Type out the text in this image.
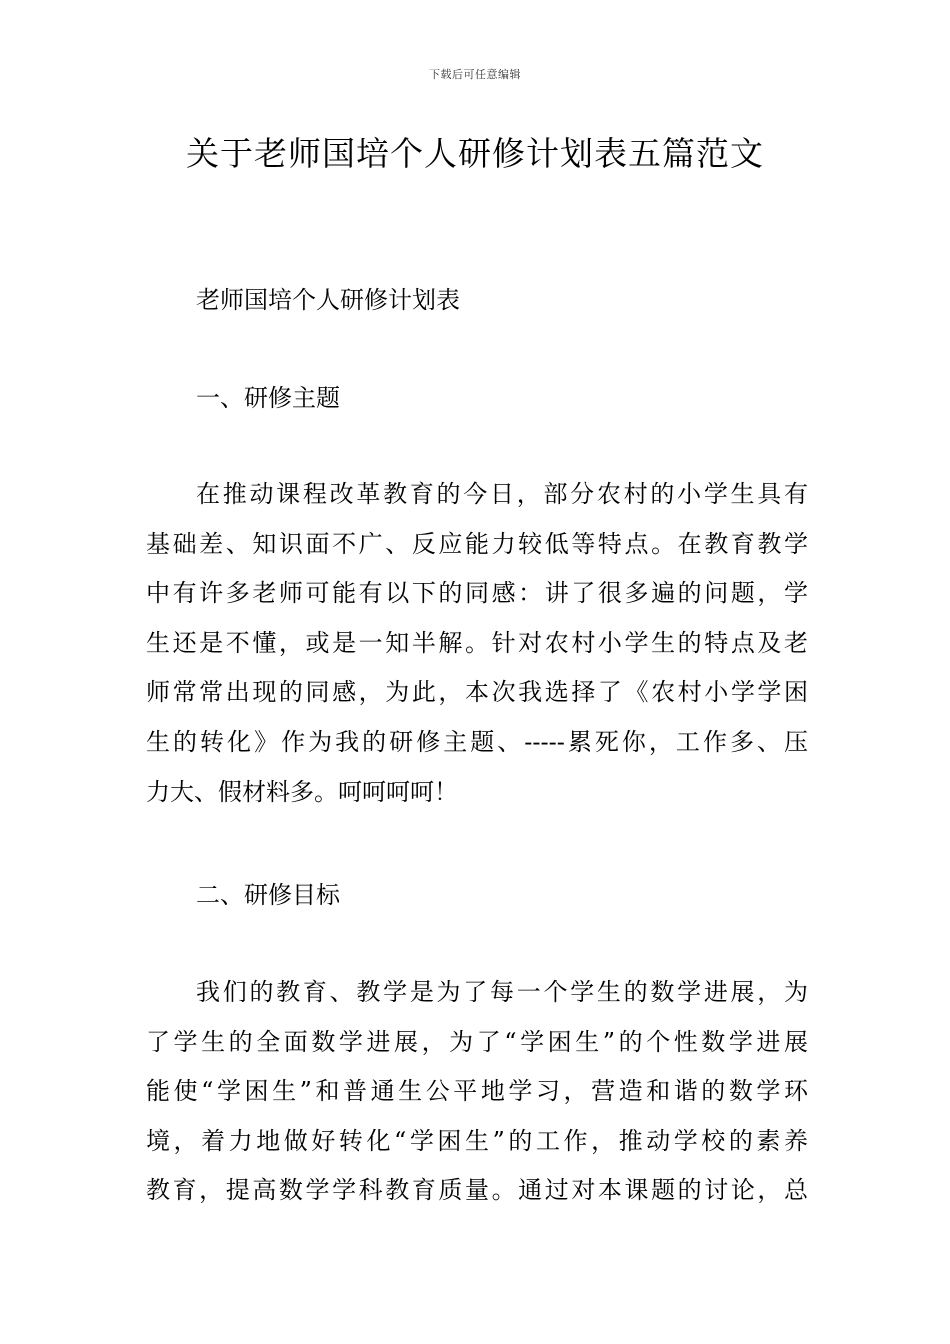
下载后可任意编辑
关于老师国培个人研修计划表五篇范文
老师国培个人研修计划表
一、研修主题
在推动课程改革教育的今日，部分农村的小学生具有
基础差、知识面不广、反应能力较低等特点。在教育教学
中有许多老师可能有以下的同感：讲了很多遍的问题，学
生还是不懂，或是一知半解。针对农村小学生的特点及老
师常常出现的同感，为此，本次我选择了《农村小学学困
生的转化》作为我的研修主题、-----累死你，工作多、压
力大、假材料多。呵呵呵呵！
二、研修目标
我们的教育、教学是为了每一个学生的数学进展，为
了学生的全面数学进展，为了“学困生”的个性数学进展
能使“学困生”和普通生公平地学习，营造和谐的数学环
境，着力地做好转化“学困生”的工作，推动学校的素养
教育，提高数学学科教育质量。通过对本课题的讨论，总
